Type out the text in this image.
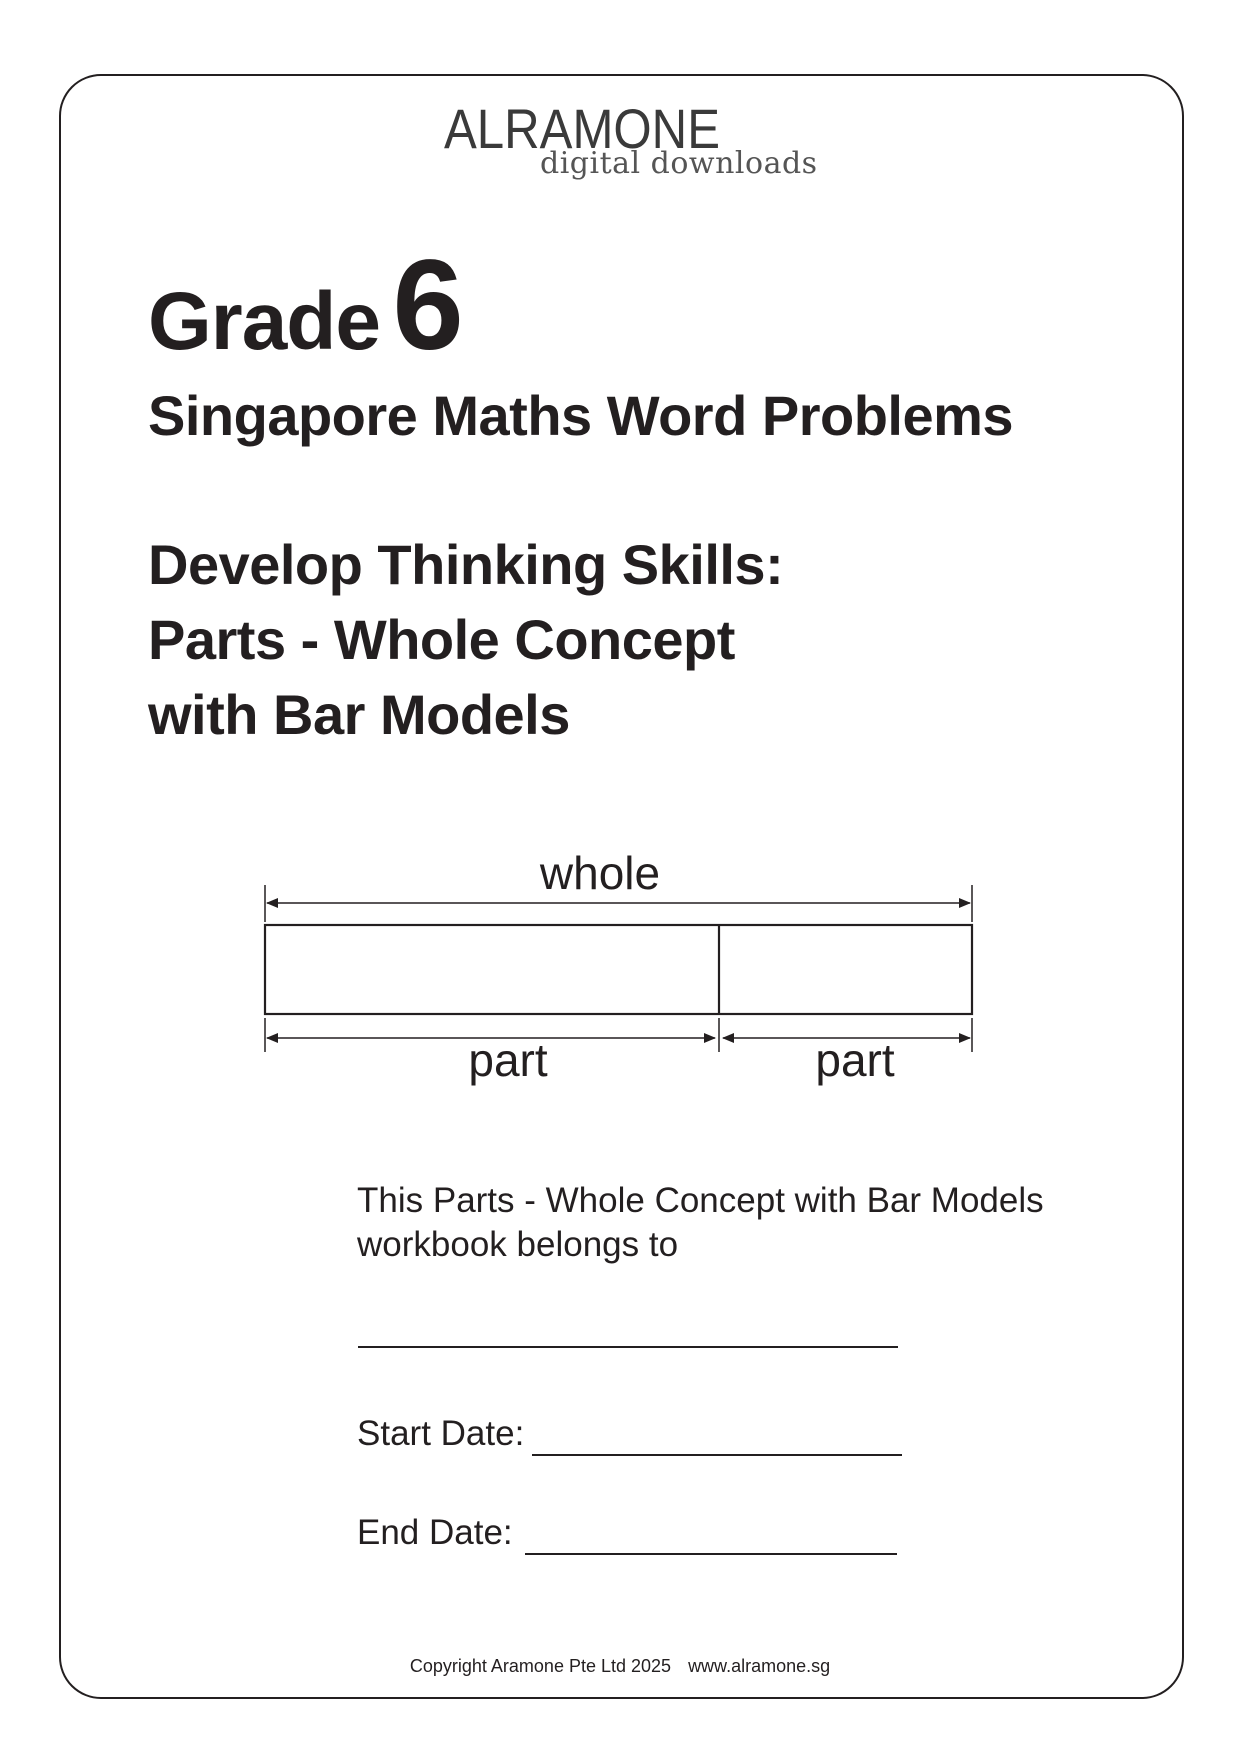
ALRAMONE
digital downloads
Grade 6
Singapore Maths Word Problems
Develop Thinking Skills:
Parts - Whole Concept
with Bar Models
whole
part	part
This Parts - Whole Concept with Bar Models
workbook belongs to
Start Date:
End Date:
Copyright Aramone Pte Ltd 2025 www.alramone.sg
